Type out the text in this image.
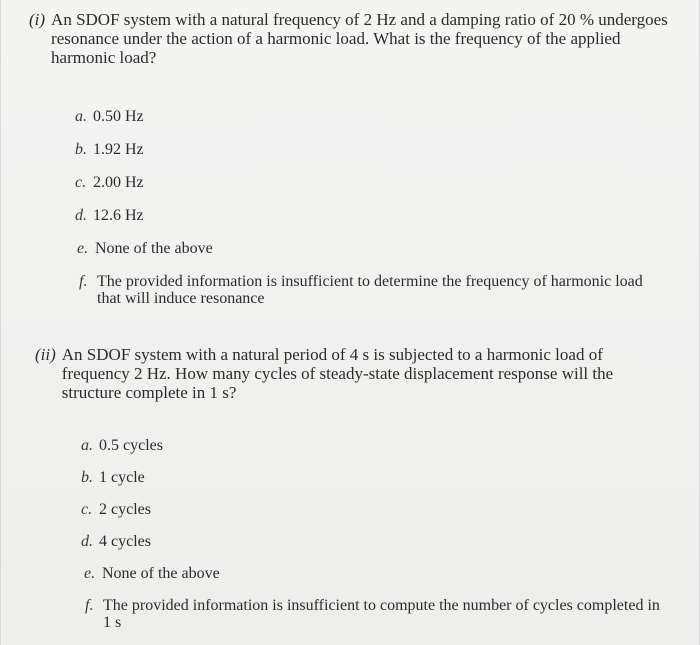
(i) An SDOF system with a natural frequency of 2 Hz and a damping ratio of 20 % undergoes resonance under the action of a harmonic load. What is the frequency of the applied harmonic load?
a. 0.50 Hz
b. 1.92 Hz
c. 2.00 Hz
d. 12.6 Hz
e. None of the above
f. The provided information is insufficient to determine the frequency of harmonic load that will induce resonance
(ii) An SDOF system with a natural period of 4 s is subjected to a harmonic load of frequency 2 Hz. How many cycles of steady-state displacement response will the structure complete in 1 s?
a. 0.5 cycles
b. 1 cycle
c. 2 cycles
d. 4 cycles
e. None of the above
f. The provided information is insufficient to compute the number of cycles completed in 1 s
